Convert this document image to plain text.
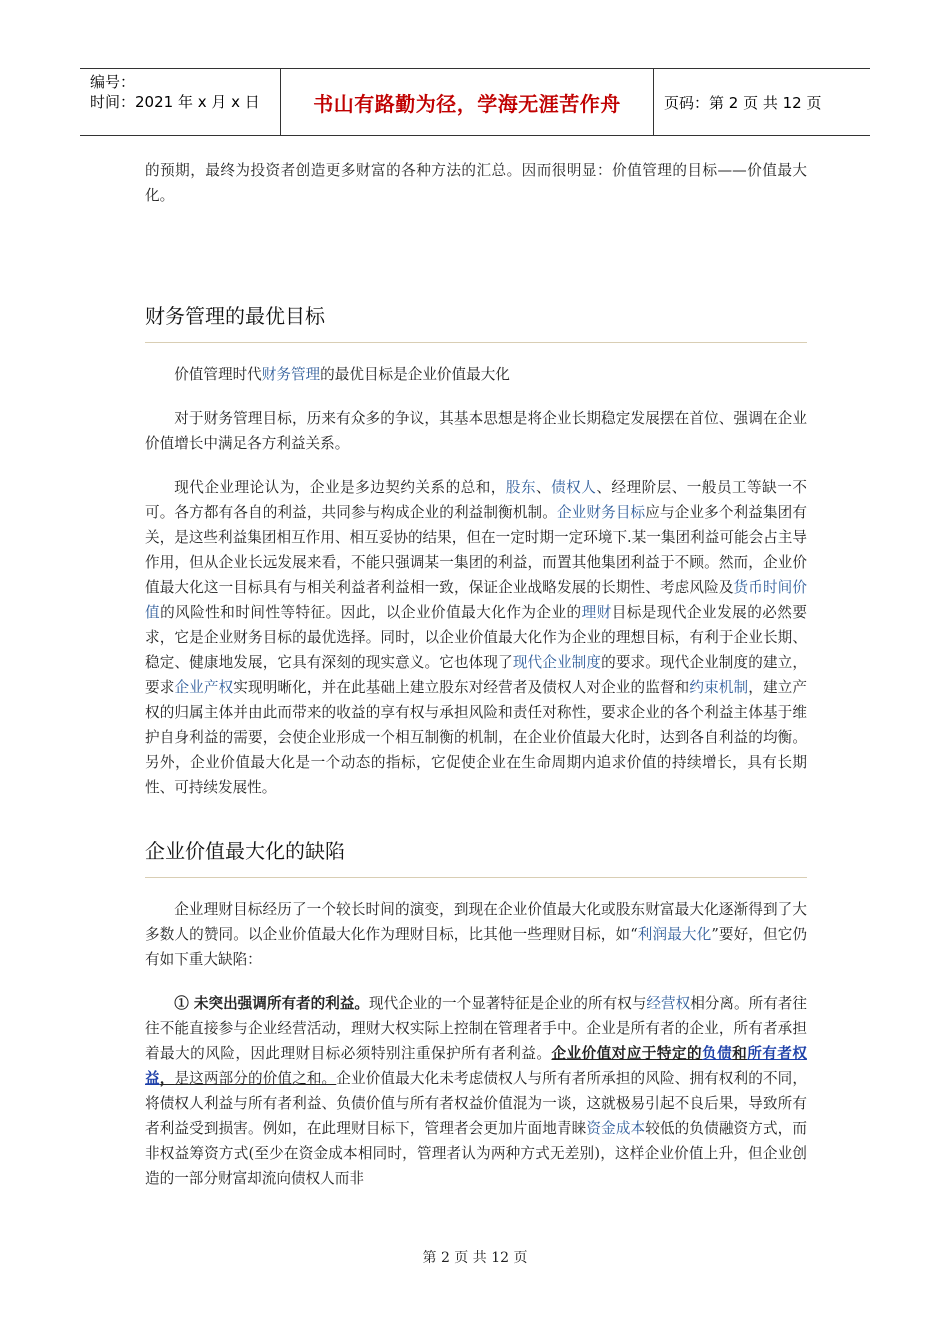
编号：
时间：2021 年 x 月 x 日	书山有路勤为径，学海无涯苦作舟	页码：第 2 页 共 12 页

的预期，最终为投资者创造更多财富的各种方法的汇总。因而很明显：价值管理的目标——价值最大化。

财务管理的最优目标

价值管理时代财务管理的最优目标是企业价值最大化

对于财务管理目标，历来有众多的争议，其基本思想是将企业长期稳定发展摆在首位、强调在企业价值增长中满足各方利益关系。

现代企业理论认为，企业是多边契约关系的总和，股东、债权人、经理阶层、一般员工等缺一不可。各方都有各自的利益，共同参与构成企业的利益制衡机制。企业财务目标应与企业多个利益集团有关，是这些利益集团相互作用、相互妥协的结果，但在一定时期一定环境下.某一集团利益可能会占主导作用，但从企业长远发展来看，不能只强调某一集团的利益，而置其他集团利益于不顾。然而，企业价值最大化这一目标具有与相关利益者利益相一致，保证企业战略发展的长期性、考虑风险及货币时间价值的风险性和时间性等特征。因此，以企业价值最大化作为企业的理财目标是现代企业发展的必然要求，它是企业财务目标的最优选择。同时，以企业价值最大化作为企业的理想目标，有利于企业长期、稳定、健康地发展，它具有深刻的现实意义。它也体现了现代企业制度的要求。现代企业制度的建立，要求企业产权实现明晰化，并在此基础上建立股东对经营者及债权人对企业的监督和约束机制，建立产权的归属主体并由此而带来的收益的享有权与承担风险和责任对称性，要求企业的各个利益主体基于维护自身利益的需要，会使企业形成一个相互制衡的机制，在企业价值最大化时，达到各自利益的均衡。另外，企业价值最大化是一个动态的指标，它促使企业在生命周期内追求价值的持续增长，具有长期性、可持续发展性。

企业价值最大化的缺陷

企业理财目标经历了一个较长时间的演变，到现在企业价值最大化或股东财富最大化逐渐得到了大多数人的赞同。以企业价值最大化作为理财目标，比其他一些理财目标，如“利润最大化”要好，但它仍有如下重大缺陷：

① 未突出强调所有者的利益。现代企业的一个显著特征是企业的所有权与经营权相分离。所有者往往不能直接参与企业经营活动，理财大权实际上控制在管理者手中。企业是所有者的企业，所有者承担着最大的风险，因此理财目标必须特别注重保护所有者利益。企业价值对应于特定的负债和所有者权益，是这两部分的价值之和。企业价值最大化未考虑债权人与所有者所承担的风险、拥有权利的不同，将债权人利益与所有者利益、负债价值与所有者权益价值混为一谈，这就极易引起不良后果，导致所有者利益受到损害。例如，在此理财目标下，管理者会更加片面地青睐资金成本较低的负债融资方式，而非权益筹资方式(至少在资金成本相同时，管理者认为两种方式无差别)，这样企业价值上升，但企业创造的一部分财富却流向债权人而非

第 2 页 共 12 页
